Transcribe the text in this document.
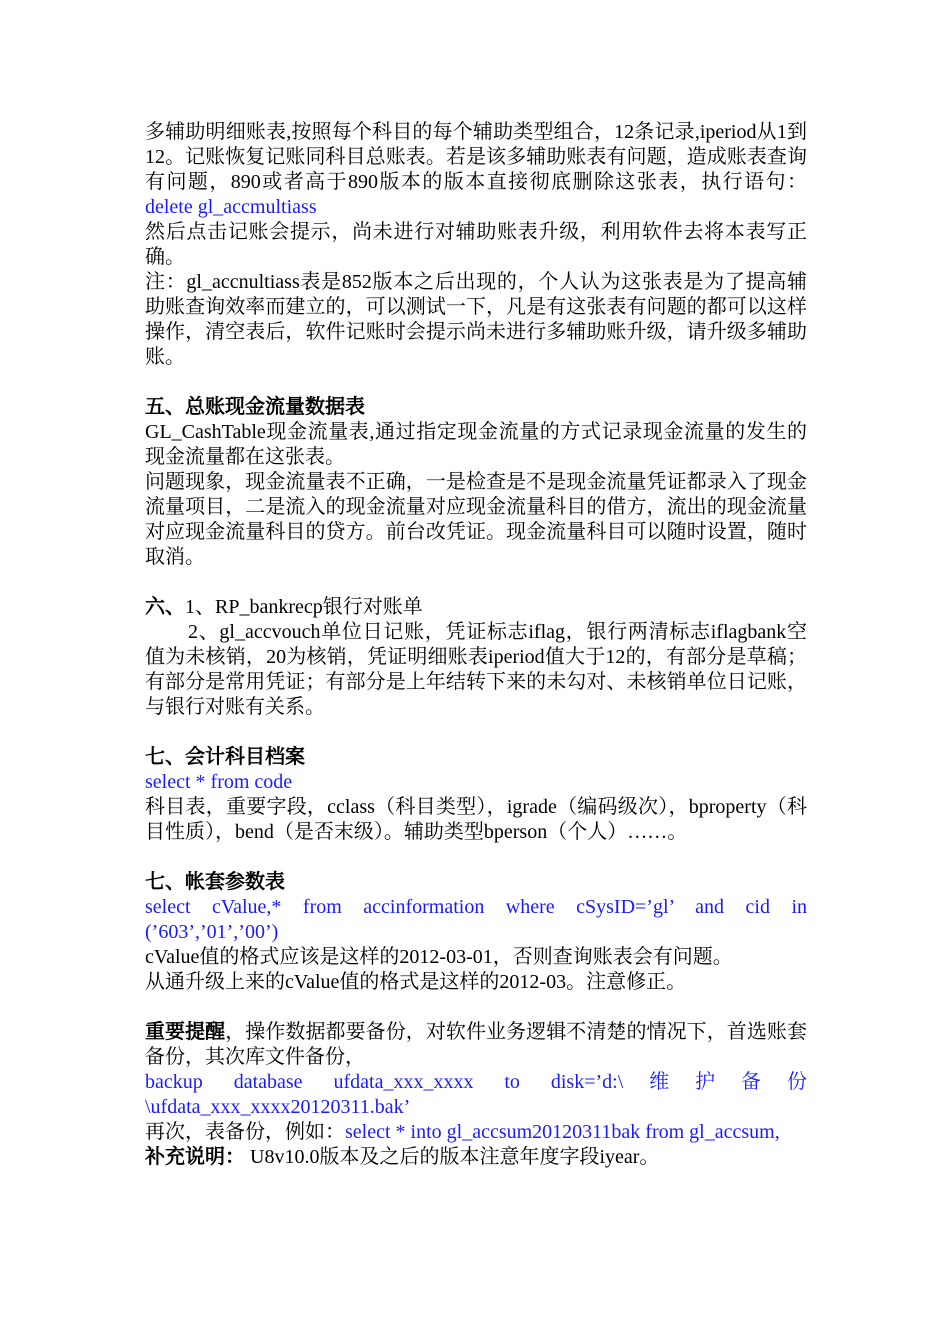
多辅助明细账表,按照每个科目的每个辅助类型组合，12条记录,iperiod从1到12。记账恢复记账同科目总账表。若是该多辅助账表有问题，造成账表查询有问题，890或者高于890版本的版本直接彻底删除这张表，执行语句：delete gl_accmultiass

然后点击记账会提示，尚未进行对辅助账表升级，利用软件去将本表写正确。

注：gl_accnultiass表是852版本之后出现的，个人认为这张表是为了提高辅助账查询效率而建立的，可以测试一下，凡是有这张表有问题的都可以这样操作，清空表后，软件记账时会提示尚未进行多辅助账升级，请升级多辅助账。

五、总账现金流量数据表

GL_CashTable现金流量表,通过指定现金流量的方式记录现金流量的发生的现金流量都在这张表。

问题现象，现金流量表不正确，一是检查是不是现金流量凭证都录入了现金流量项目，二是流入的现金流量对应现金流量科目的借方，流出的现金流量对应现金流量科目的贷方。前台改凭证。现金流量科目可以随时设置，随时取消。

六、1、RP_bankrecp银行对账单

2、gl_accvouch单位日记账，凭证标志iflag，银行两清标志iflagbank空值为未核销，20为核销，凭证明细账表iperiod值大于12的，有部分是草稿；有部分是常用凭证；有部分是上年结转下来的未勾对、未核销单位日记账，与银行对账有关系。

七、会计科目档案

select * from code

科目表，重要字段，cclass（科目类型），igrade（编码级次），bproperty（科目性质），bend（是否末级）。辅助类型bperson（个人）……。

七、帐套参数表

select cValue,* from accinformation where cSysID=’gl’ and cid in (’603’,’01’,’00’)

cValue值的格式应该是这样的2012-03-01，否则查询账表会有问题。

从通升级上来的cValue值的格式是这样的2012-03。注意修正。

重要提醒，操作数据都要备份，对软件业务逻辑不清楚的情况下，首选账套备份，其次库文件备份，

backup database ufdata_xxx_xxxx to disk=’d:\维护备份\ufdata_xxx_xxxx20120311.bak’

再次，表备份，例如：select * into gl_accsum20120311bak from gl_accsum,

补充说明： U8v10.0版本及之后的版本注意年度字段iyear。
